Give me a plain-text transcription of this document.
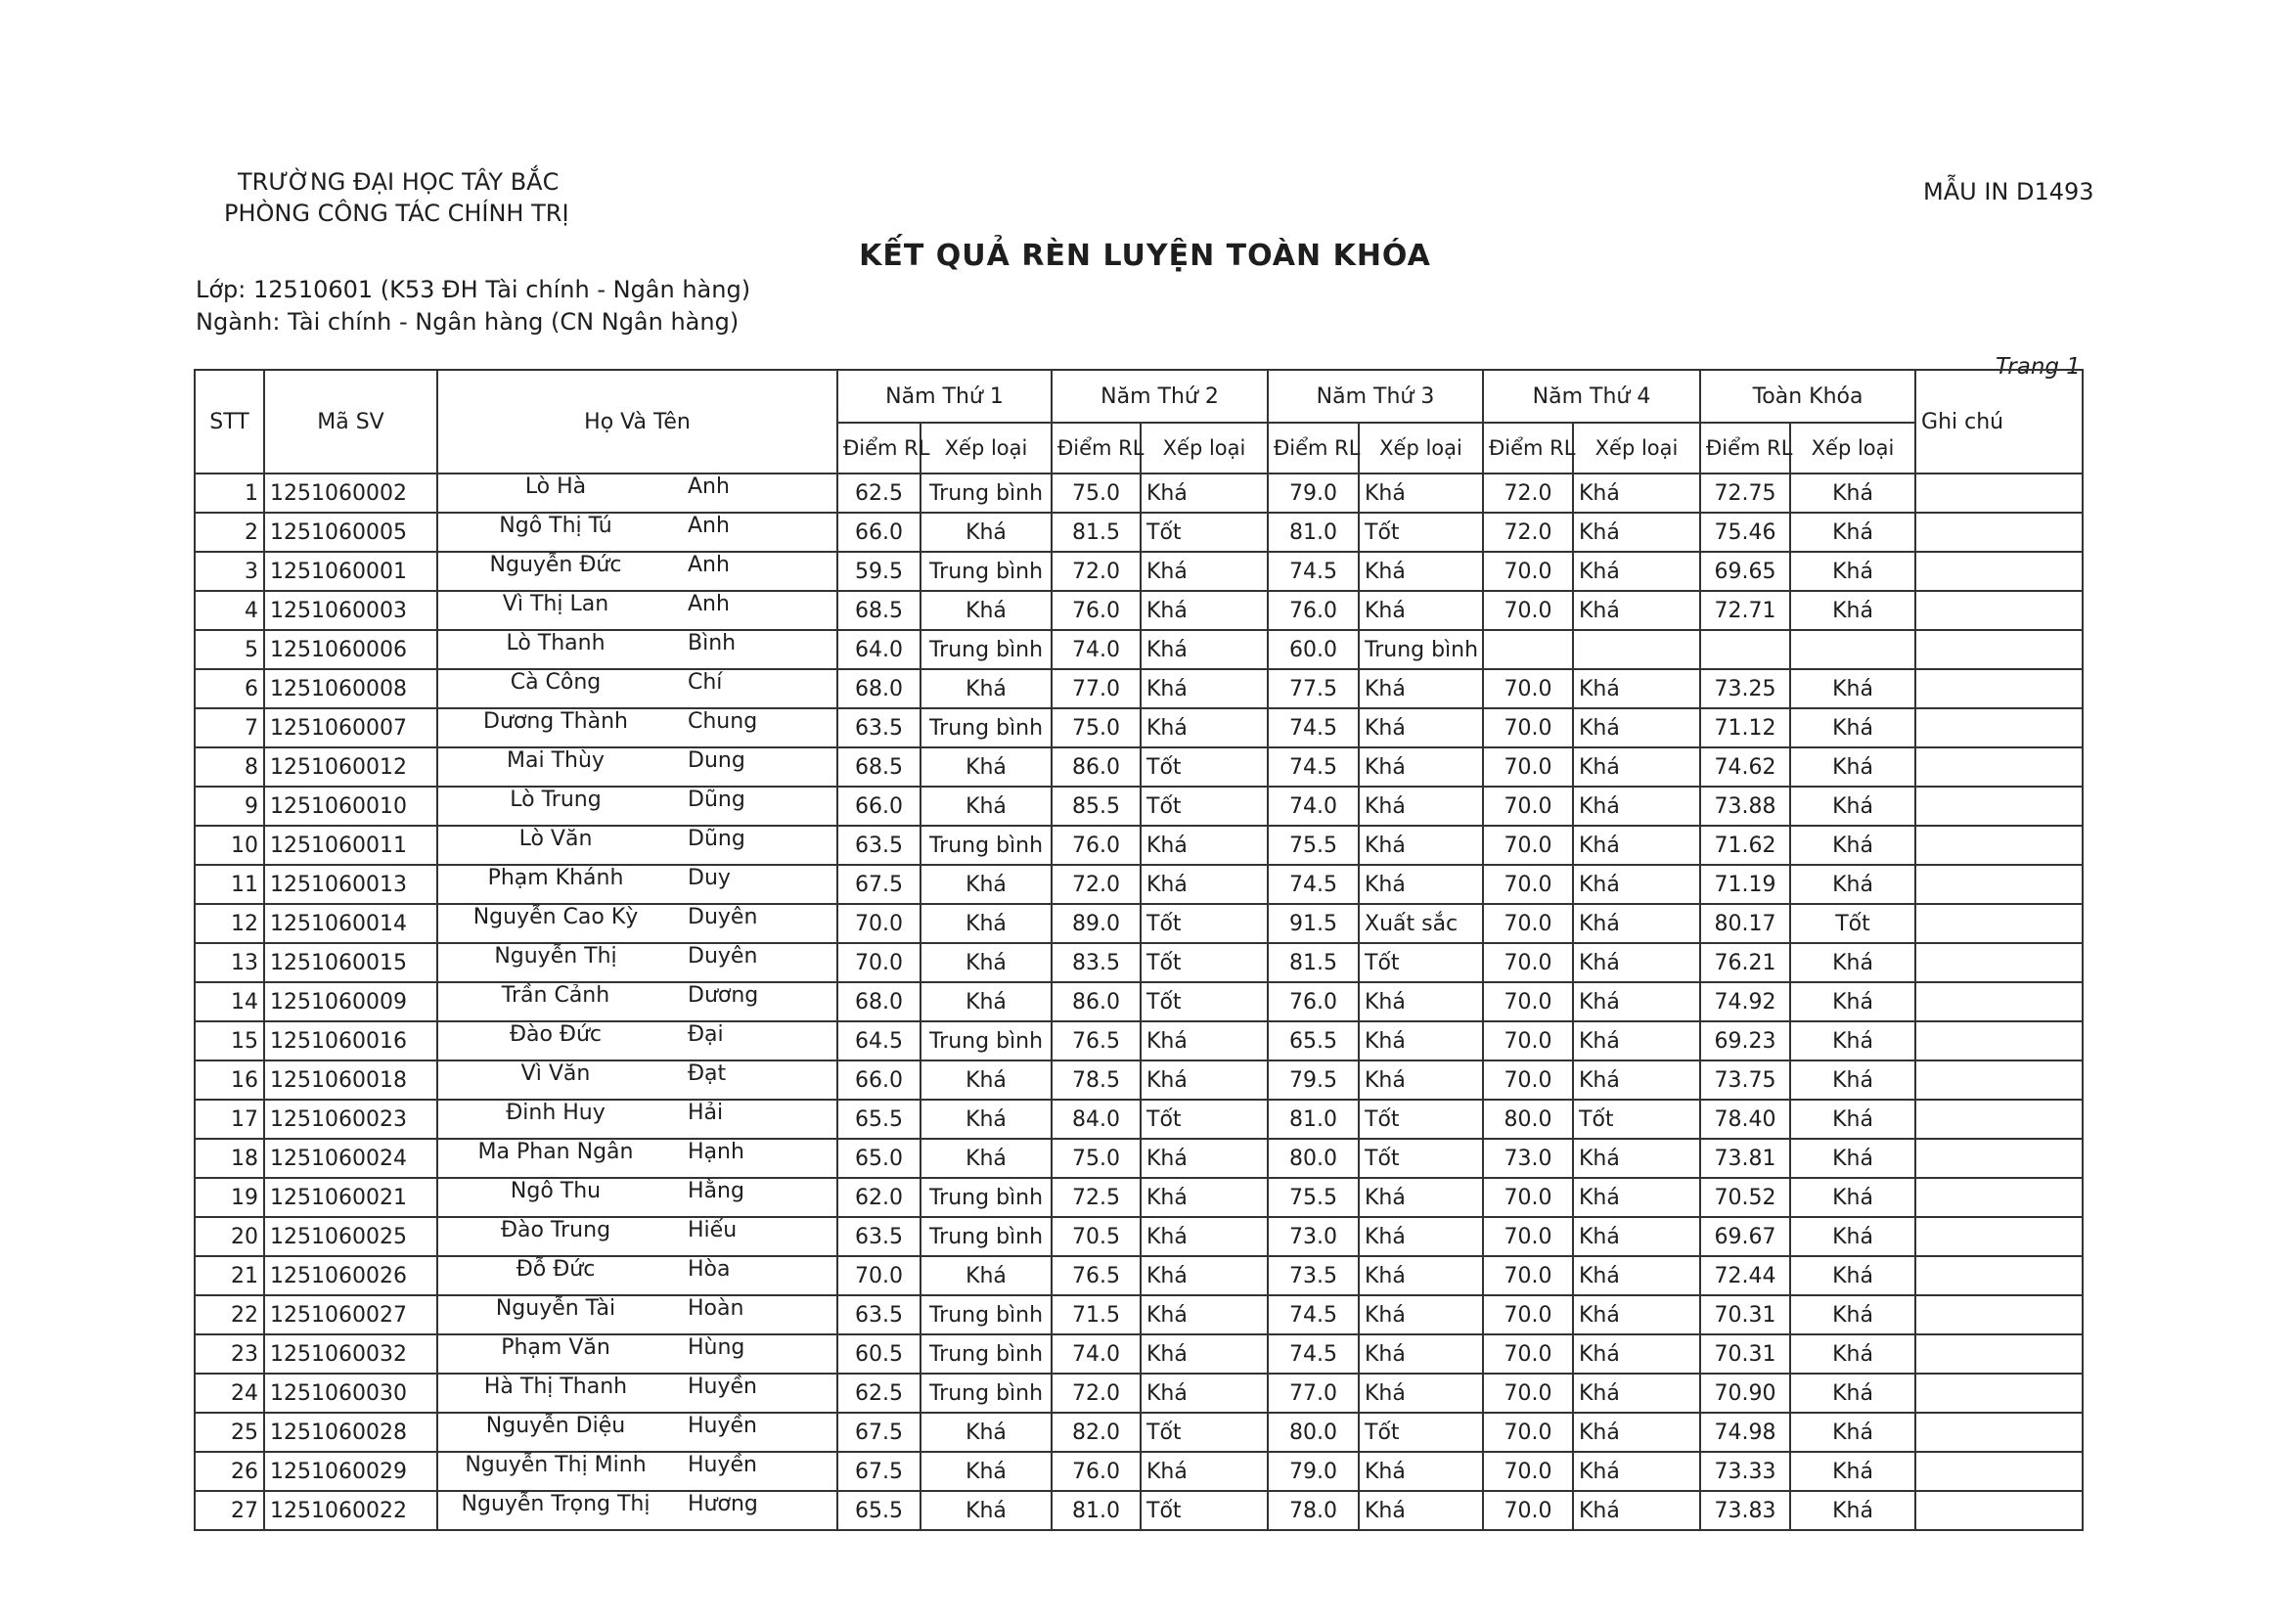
TRƯỜNG ĐẠI HỌC TÂY BẮC
PHÒNG CÔNG TÁC CHÍNH TRỊ
MẪU IN D1493
KẾT QUẢ RÈN LUYỆN TOÀN KHÓA
Lớp: 12510601 (K53 ĐH Tài chính - Ngân hàng)
Ngành: Tài chính - Ngân hàng (CN Ngân hàng)
Trang 1
STT	Mã SV	Họ Và Tên	Năm Thứ 1		Năm Thứ 2		Năm Thứ 3		Năm Thứ 4		Toàn Khóa		Ghi chú
			Điểm RL	Xếp loại	Điểm RL	Xếp loại	Điểm RL	Xếp loại	Điểm RL	Xếp loại	Điểm RL	Xếp loại	
1	1251060002	Lò Hà Anh	62.5	Trung bình	75.0	Khá	79.0	Khá	72.0	Khá	72.75	Khá	
2	1251060005	Ngô Thị Tú Anh	66.0	Khá	81.5	Tốt	81.0	Tốt	72.0	Khá	75.46	Khá	
3	1251060001	Nguyễn Đức Anh	59.5	Trung bình	72.0	Khá	74.5	Khá	70.0	Khá	69.65	Khá	
4	1251060003	Vì Thị Lan Anh	68.5	Khá	76.0	Khá	76.0	Khá	70.0	Khá	72.71	Khá	
5	1251060006	Lò Thanh Bình	64.0	Trung bình	74.0	Khá	60.0	Trung bình					
6	1251060008	Cà Công Chí	68.0	Khá	77.0	Khá	77.5	Khá	70.0	Khá	73.25	Khá	
7	1251060007	Dương Thành Chung	63.5	Trung bình	75.0	Khá	74.5	Khá	70.0	Khá	71.12	Khá	
8	1251060012	Mai Thùy Dung	68.5	Khá	86.0	Tốt	74.5	Khá	70.0	Khá	74.62	Khá	
9	1251060010	Lò Trung Dũng	66.0	Khá	85.5	Tốt	74.0	Khá	70.0	Khá	73.88	Khá	
10	1251060011	Lò Văn Dũng	63.5	Trung bình	76.0	Khá	75.5	Khá	70.0	Khá	71.62	Khá	
11	1251060013	Phạm Khánh Duy	67.5	Khá	72.0	Khá	74.5	Khá	70.0	Khá	71.19	Khá	
12	1251060014	Nguyễn Cao Kỳ Duyên	70.0	Khá	89.0	Tốt	91.5	Xuất sắc	70.0	Khá	80.17	Tốt	
13	1251060015	Nguyễn Thị Duyên	70.0	Khá	83.5	Tốt	81.5	Tốt	70.0	Khá	76.21	Khá	
14	1251060009	Trần Cảnh Dương	68.0	Khá	86.0	Tốt	76.0	Khá	70.0	Khá	74.92	Khá	
15	1251060016	Đào Đức Đại	64.5	Trung bình	76.5	Khá	65.5	Khá	70.0	Khá	69.23	Khá	
16	1251060018	Vì Văn Đạt	66.0	Khá	78.5	Khá	79.5	Khá	70.0	Khá	73.75	Khá	
17	1251060023	Đinh Huy Hải	65.5	Khá	84.0	Tốt	81.0	Tốt	80.0	Tốt	78.40	Khá	
18	1251060024	Ma Phan Ngân Hạnh	65.0	Khá	75.0	Khá	80.0	Tốt	73.0	Khá	73.81	Khá	
19	1251060021	Ngô Thu Hằng	62.0	Trung bình	72.5	Khá	75.5	Khá	70.0	Khá	70.52	Khá	
20	1251060025	Đào Trung Hiếu	63.5	Trung bình	70.5	Khá	73.0	Khá	70.0	Khá	69.67	Khá	
21	1251060026	Đỗ Đức Hòa	70.0	Khá	76.5	Khá	73.5	Khá	70.0	Khá	72.44	Khá	
22	1251060027	Nguyễn Tài Hoàn	63.5	Trung bình	71.5	Khá	74.5	Khá	70.0	Khá	70.31	Khá	
23	1251060032	Phạm Văn Hùng	60.5	Trung bình	74.0	Khá	74.5	Khá	70.0	Khá	70.31	Khá	
24	1251060030	Hà Thị Thanh Huyền	62.5	Trung bình	72.0	Khá	77.0	Khá	70.0	Khá	70.90	Khá	
25	1251060028	Nguyễn Diệu Huyền	67.5	Khá	82.0	Tốt	80.0	Tốt	70.0	Khá	74.98	Khá	
26	1251060029	Nguyễn Thị Minh Huyền	67.5	Khá	76.0	Khá	79.0	Khá	70.0	Khá	73.33	Khá	
27	1251060022	Nguyễn Trọng Thị Hương	65.5	Khá	81.0	Tốt	78.0	Khá	70.0	Khá	73.83	Khá	
